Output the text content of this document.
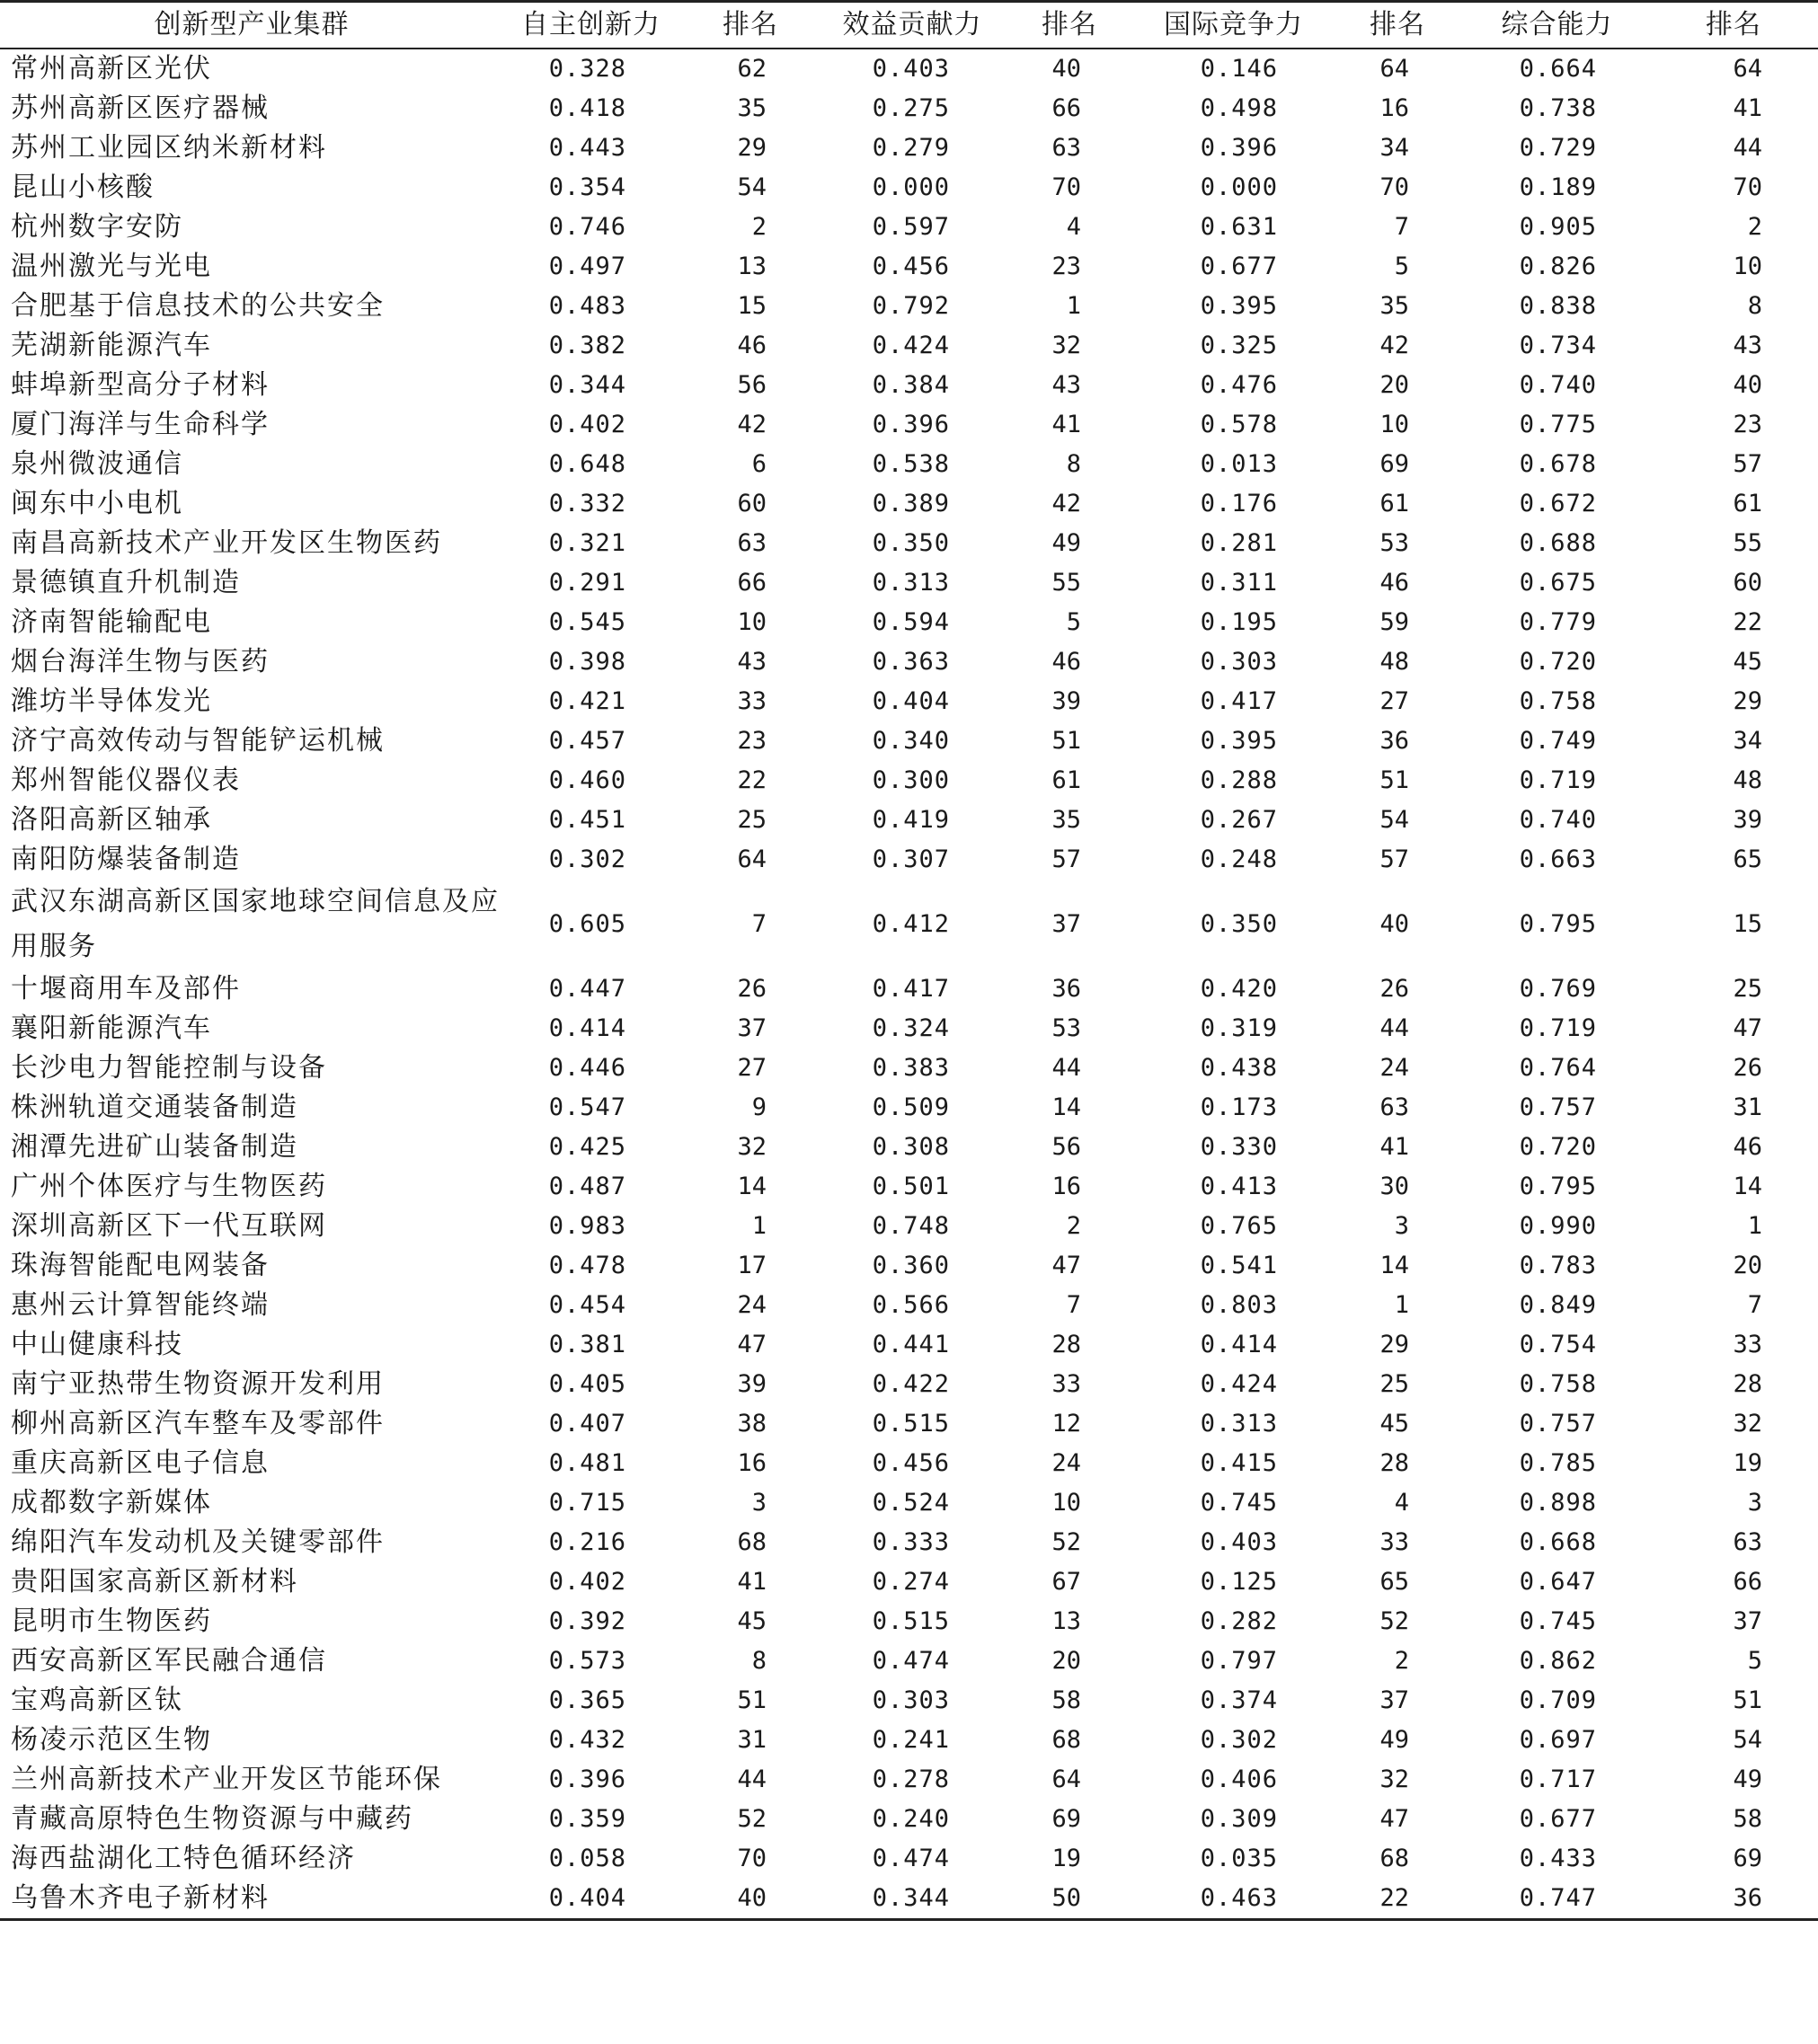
创新型产业集群	自主创新力	排名	效益贡献力	排名	国际竞争力	排名	综合能力	排名
常州高新区光伏	0.328	62	0.403	40	0.146	64	0.664	64
苏州高新区医疗器械	0.418	35	0.275	66	0.498	16	0.738	41
苏州工业园区纳米新材料	0.443	29	0.279	63	0.396	34	0.729	44
昆山小核酸	0.354	54	0.000	70	0.000	70	0.189	70
杭州数字安防	0.746	2	0.597	4	0.631	7	0.905	2
温州激光与光电	0.497	13	0.456	23	0.677	5	0.826	10
合肥基于信息技术的公共安全	0.483	15	0.792	1	0.395	35	0.838	8
芜湖新能源汽车	0.382	46	0.424	32	0.325	42	0.734	43
蚌埠新型高分子材料	0.344	56	0.384	43	0.476	20	0.740	40
厦门海洋与生命科学	0.402	42	0.396	41	0.578	10	0.775	23
泉州微波通信	0.648	6	0.538	8	0.013	69	0.678	57
闽东中小电机	0.332	60	0.389	42	0.176	61	0.672	61
南昌高新技术产业开发区生物医药	0.321	63	0.350	49	0.281	53	0.688	55
景德镇直升机制造	0.291	66	0.313	55	0.311	46	0.675	60
济南智能输配电	0.545	10	0.594	5	0.195	59	0.779	22
烟台海洋生物与医药	0.398	43	0.363	46	0.303	48	0.720	45
潍坊半导体发光	0.421	33	0.404	39	0.417	27	0.758	29
济宁高效传动与智能铲运机械	0.457	23	0.340	51	0.395	36	0.749	34
郑州智能仪器仪表	0.460	22	0.300	61	0.288	51	0.719	48
洛阳高新区轴承	0.451	25	0.419	35	0.267	54	0.740	39
南阳防爆装备制造	0.302	64	0.307	57	0.248	57	0.663	65
武汉东湖高新区国家地球空间信息及应用服务	0.605	7	0.412	37	0.350	40	0.795	15
十堰商用车及部件	0.447	26	0.417	36	0.420	26	0.769	25
襄阳新能源汽车	0.414	37	0.324	53	0.319	44	0.719	47
长沙电力智能控制与设备	0.446	27	0.383	44	0.438	24	0.764	26
株洲轨道交通装备制造	0.547	9	0.509	14	0.173	63	0.757	31
湘潭先进矿山装备制造	0.425	32	0.308	56	0.330	41	0.720	46
广州个体医疗与生物医药	0.487	14	0.501	16	0.413	30	0.795	14
深圳高新区下一代互联网	0.983	1	0.748	2	0.765	3	0.990	1
珠海智能配电网装备	0.478	17	0.360	47	0.541	14	0.783	20
惠州云计算智能终端	0.454	24	0.566	7	0.803	1	0.849	7
中山健康科技	0.381	47	0.441	28	0.414	29	0.754	33
南宁亚热带生物资源开发利用	0.405	39	0.422	33	0.424	25	0.758	28
柳州高新区汽车整车及零部件	0.407	38	0.515	12	0.313	45	0.757	32
重庆高新区电子信息	0.481	16	0.456	24	0.415	28	0.785	19
成都数字新媒体	0.715	3	0.524	10	0.745	4	0.898	3
绵阳汽车发动机及关键零部件	0.216	68	0.333	52	0.403	33	0.668	63
贵阳国家高新区新材料	0.402	41	0.274	67	0.125	65	0.647	66
昆明市生物医药	0.392	45	0.515	13	0.282	52	0.745	37
西安高新区军民融合通信	0.573	8	0.474	20	0.797	2	0.862	5
宝鸡高新区钛	0.365	51	0.303	58	0.374	37	0.709	51
杨凌示范区生物	0.432	31	0.241	68	0.302	49	0.697	54
兰州高新技术产业开发区节能环保	0.396	44	0.278	64	0.406	32	0.717	49
青藏高原特色生物资源与中藏药	0.359	52	0.240	69	0.309	47	0.677	58
海西盐湖化工特色循环经济	0.058	70	0.474	19	0.035	68	0.433	69
乌鲁木齐电子新材料	0.404	40	0.344	50	0.463	22	0.747	36
